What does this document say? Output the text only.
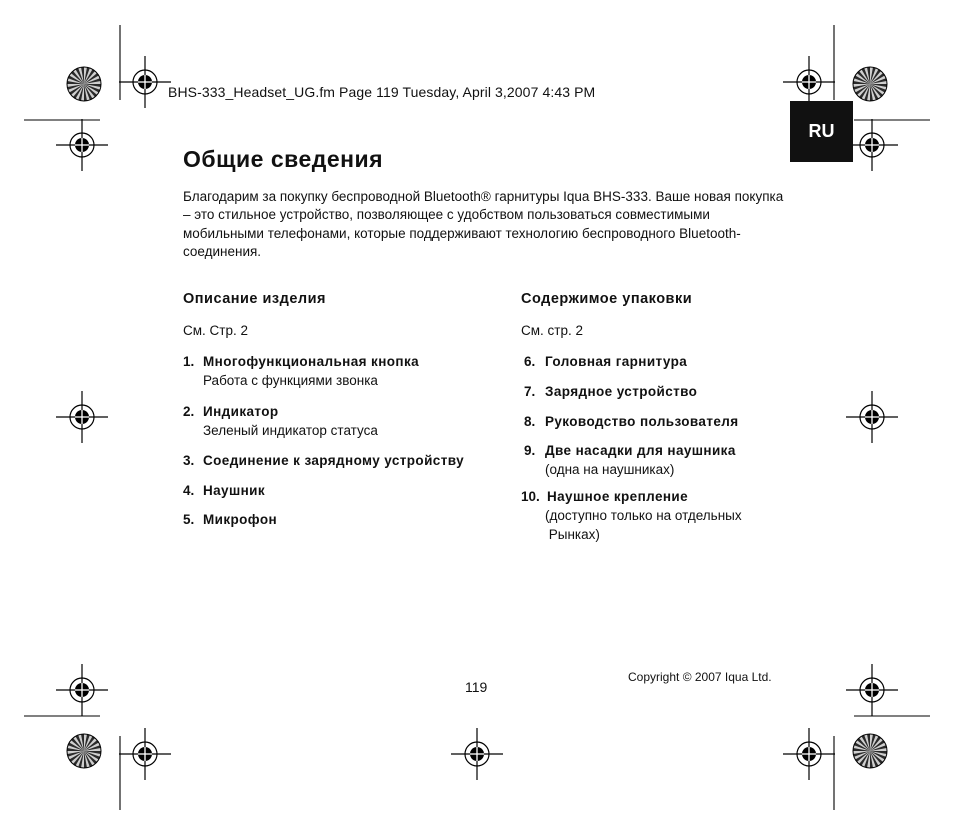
BHS-333_Headset_UG.fm Page 119 Tuesday, April 3,2007 4:43 PM
RU
Общие сведения
Благодарим за покупку беспроводной Bluetooth® гарнитуры Iqua BHS-333. Ваше новая покупка – это стильное устройство, позволяющее с удобством пользоваться совместимыми мобильными телефонами, которые поддерживают технологию беспроводного Bluetooth-соединения.
Описание изделия
См. Стр. 2
1. Многофункциональная кнопка
Работа с функциями звонка
2. Индикатор
Зеленый индикатор статуса
3. Соединение к зарядному устройству
4. Наушник
5. Микрофон
Содержимое упаковки
См. стр. 2
6. Головная гарнитура
7. Зарядное устройство
8. Руководство пользователя
9. Две насадки для наушника
(одна на наушниках)
10. Наушное крепление
(доступно только на отдельных
Рынках)
119
Copyright © 2007 Iqua Ltd.
